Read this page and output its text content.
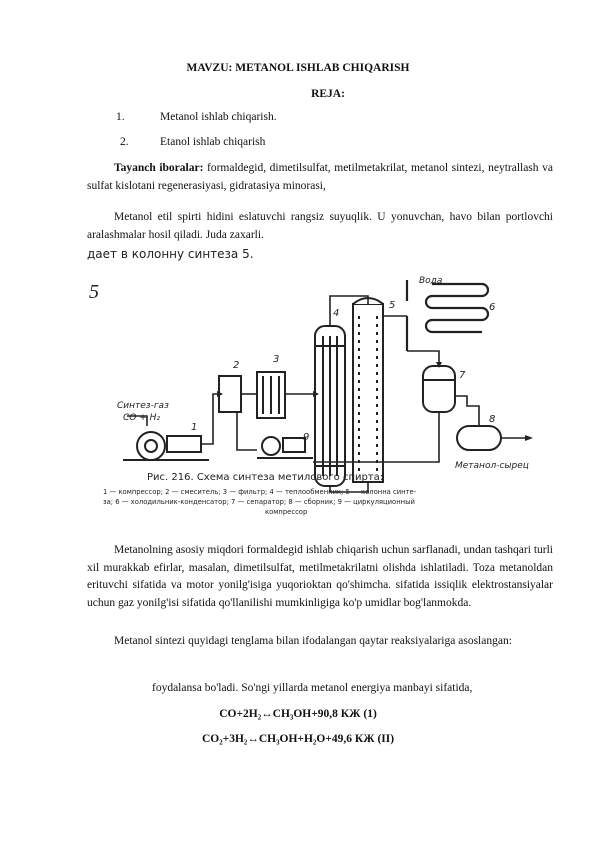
MAVZU: METANOL ISHLAB CHIQARISH
REJA:
1.	Metanol ishlab chiqarish.
2.	Etanol ishlab chiqarish
Tayanch iboralar: formaldegid, dimetilsulfat, metilmetakrilat, metanol sintezi, neytrallash va sulfat kislotani regenerasiyasi, gidratasiya minorasi,
Metanol etil spirti hidini eslatuvchi rangsiz suyuqlik. U yonuvchan, havo bilan portlovchi aralashmalar hosil qiladi. Juda zaxarli.
дает в колонну синтеза 5.
5	Вода
1
2
3
4
5	6
7
8
9
Синтез-газ
CO + H₂
Метанол-сырец
Рис. 216. Схема синтеза метилового спирта:
1 — компрессор; 2 — смеситель; 3 — фильтр; 4 — теплообменник; 5 — колонна синте-
за; 6 — холодильник-конденсатор; 7 — сепаратор; 8 — сборник; 9 — циркуляционный
компрессор
Metanolning asosiy miqdori formaldegid ishlab chiqarish uchun sarflanadi, undan tashqari turli xil murakkab efirlar, masalan, dimetilsulfat, metilmetakrilatni olishda ishlatiladi. Toza metanoldan erituvchi sifatida va motor yonilg'isiga yuqorioktan qo'shimcha. sifatida issiqlik elektrostansiyalar uchun gaz yonilg'isi sifatida qo'llanilishi mumkinligiga ko'p umidlar bog'lanmokda.
Metanol sintezi quyidagi tenglama bilan ifodalangan qaytar reaksiyalariga asoslangan:
foydalansa bo'ladi. So'ngi yillarda metanol energiya manbayi sifatida,
CO+2H₂↔CH₃OH+90,8 КЖ (1)
CO₂+3H₂↔CH₃OH+H₂O+49,6 КЖ (II)
